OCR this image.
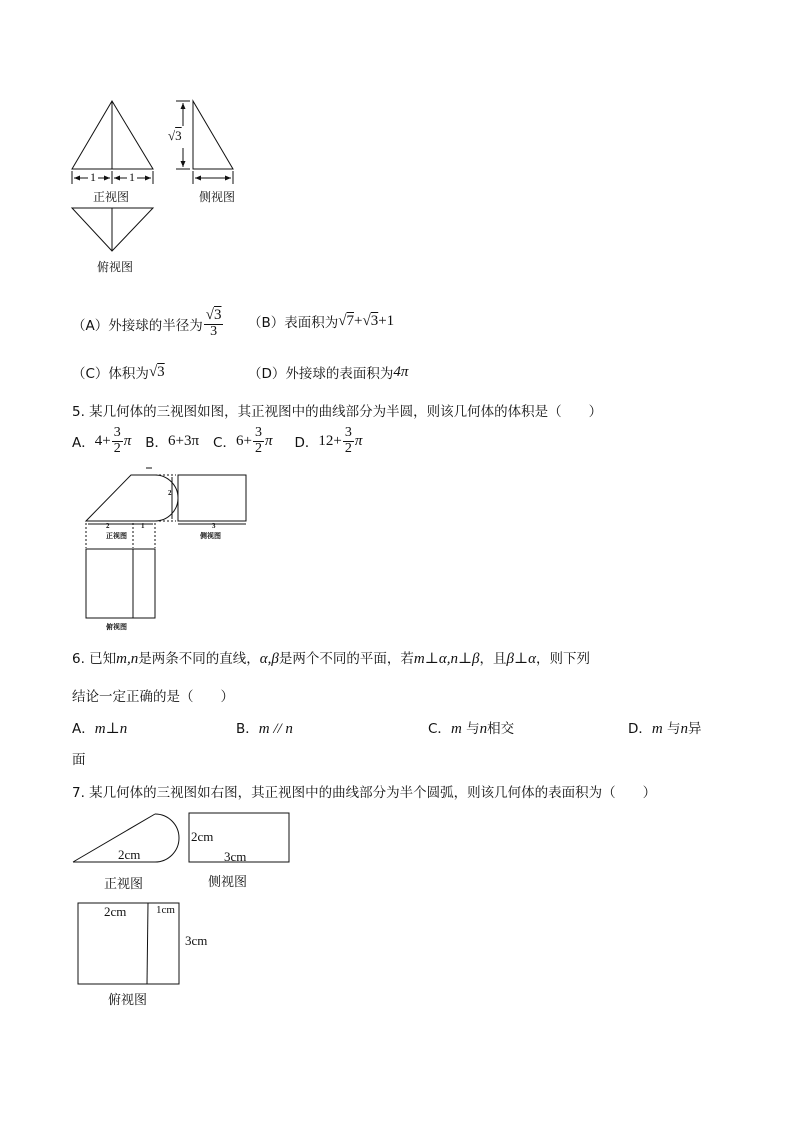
1	1
√3
正视图	侧视图
俯视图
（A）外接球的半径为 $\frac{√3}{3} (B)$表面积为 √7 + √3 +1
（C）体积为 √3	（D）外接球的表面积为 4π
5. 某几何体的三视图如图，其正视图中的曲线部分为半圆，则该几何体的体积是（　　）
A． $4+ \frac{3}{2}$ π B． 6+3π C． $6+ \frac{3}{2}$ π D． $12+ \frac{3}{2}$ π
2
2	1	3
正视图	侧视图
俯视图
6. 已知m,n是两条不同的直线，α,β是两个不同的平面，若m⊥α,n⊥β，且β⊥α，则下列
结论一定正确的是（　　）
A．m⊥n	B．m // n	C．m 与n相交	D．m 与n异
面
7. 某几何体的三视图如右图，其正视图中的曲线部分为半个圆弧，则该几何体的表面积为（　　）
2cm
正视图
2cm
3cm
侧视图
2cm	1cm
3cm
俯视图
